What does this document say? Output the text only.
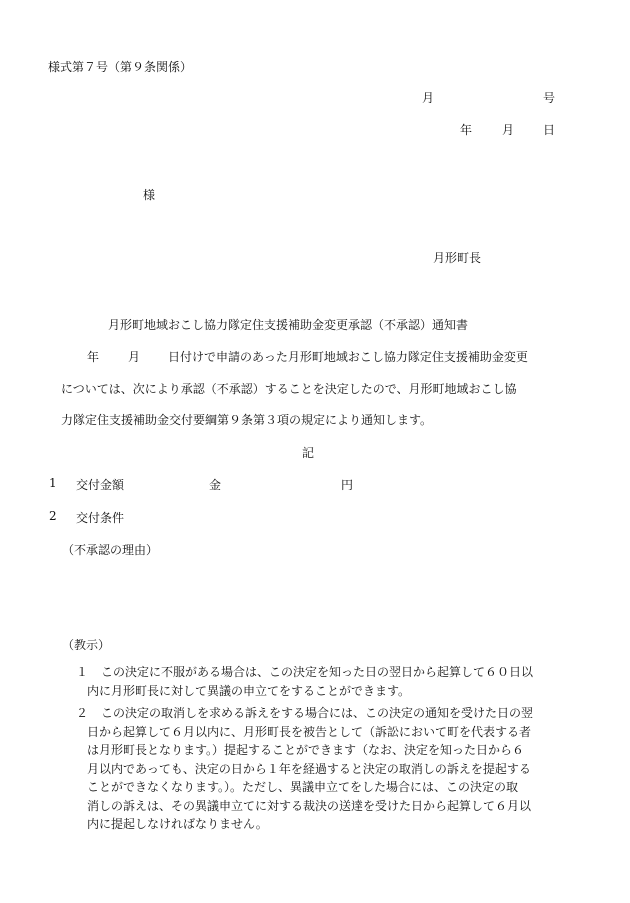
様式第７号（第９条関係）
月	号
年 月 日
様
月形町長
月形町地域おこし協力隊定住支援補助金変更承認（不承認）通知書
年 月 日付けで申請のあった月形町地域おこし協力隊定住支援補助金変更
については、次により承認（不承認）することを決定したので、月形町地域おこし協
力隊定住支援補助金交付要綱第９条第３項の規定により通知します。
記
1 交付金額	金	円
2 交付条件
（不承認の理由）
（教示）
１ この決定に不服がある場合は、この決定を知った日の翌日から起算して６０日以
内に月形町長に対して異議の申立てをすることができます。
２ この決定の取消しを求める訴えをする場合には、この決定の通知を受けた日の翌
日から起算して６月以内に、月形町長を被告として（訴訟において町を代表する者
は月形町長となります。）提起することができます（なお、決定を知った日から６
月以内であっても、決定の日から１年を経過すると決定の取消しの訴えを提起する
ことができなくなります。）。ただし、異議申立てをした場合には、この決定の取
消しの訴えは、その異議申立てに対する裁決の送達を受けた日から起算して６月以
内に提起しなければなりません。
